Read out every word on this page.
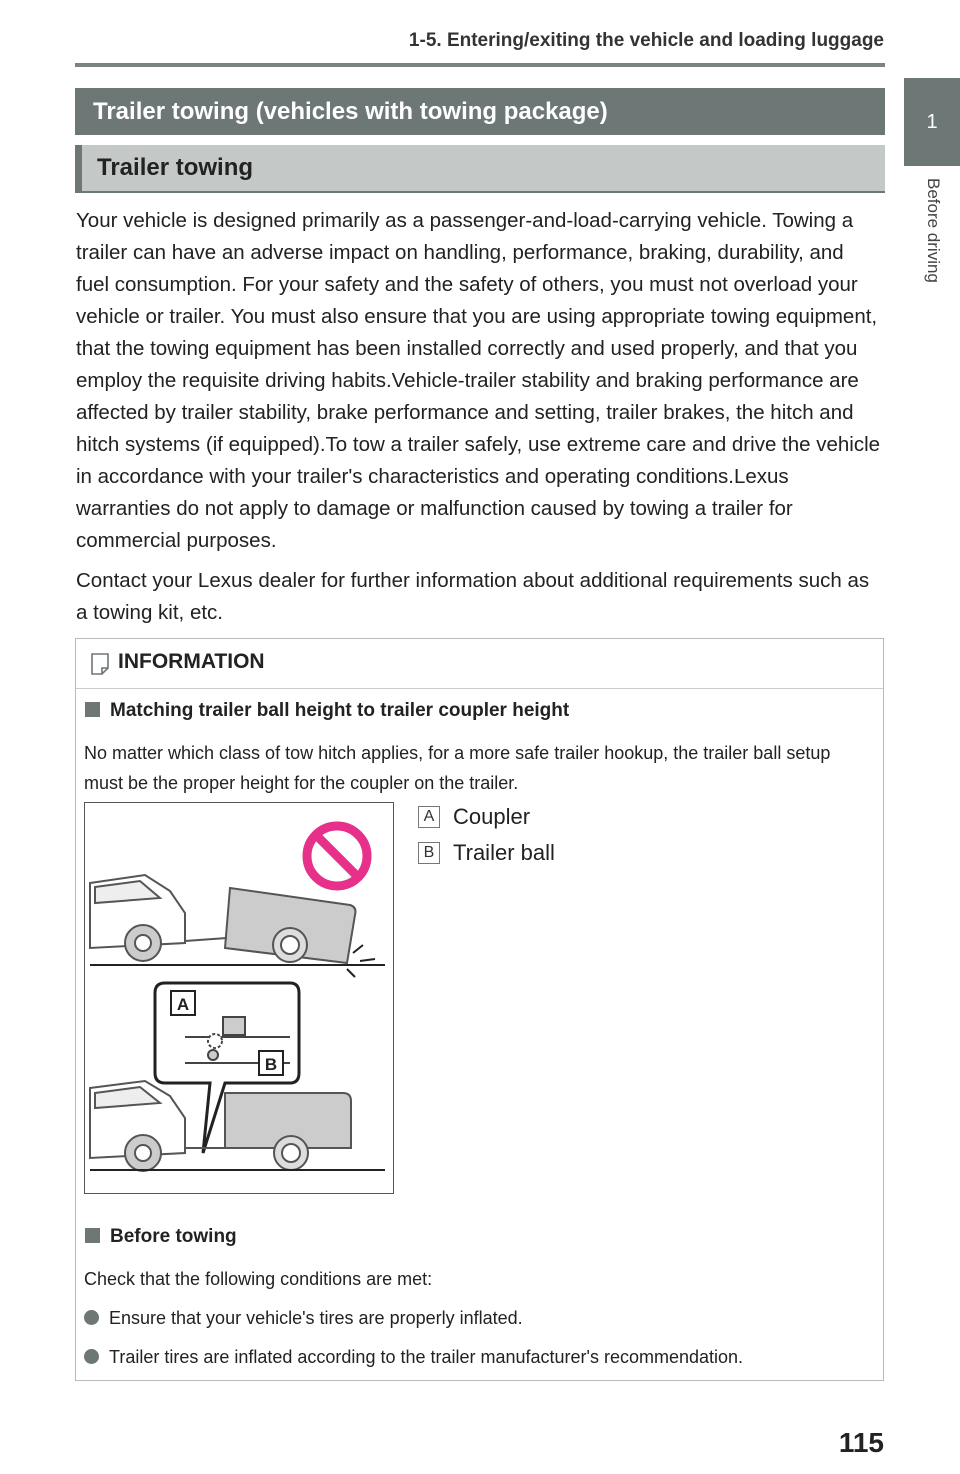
1-5. Entering/exiting the vehicle and loading luggage
1
Before driving
Trailer towing (vehicles with towing package)
Trailer towing
Your vehicle is designed primarily as a passenger-and-load-carrying vehicle. Towing a trailer can have an adverse impact on handling, performance, braking, durability, and fuel consumption. For your safety and the safety of others, you must not overload your vehicle or trailer. You must also ensure that you are using appropriate towing equipment, that the towing equipment has been installed correctly and used properly, and that you employ the requisite driving habits.Vehicle-trailer stability and braking performance are affected by trailer stability, brake performance and setting, trailer brakes, the hitch and hitch systems (if equipped).To tow a trailer safely, use extreme care and drive the vehicle in accordance with your trailer's characteristics and operating conditions.Lexus warranties do not apply to damage or malfunction caused by towing a trailer for commercial purposes.
Contact your Lexus dealer for further information about additional requirements such as a towing kit, etc.
INFORMATION
Matching trailer ball height to trailer coupler height
No matter which class of tow hitch applies, for a more safe trailer hookup, the trailer ball setup must be the proper height for the coupler on the trailer.
A
B
A Coupler
B Trailer ball
Before towing
Check that the following conditions are met:
Ensure that your vehicle's tires are properly inflated.
Trailer tires are inflated according to the trailer manufacturer's recommendation.
115
